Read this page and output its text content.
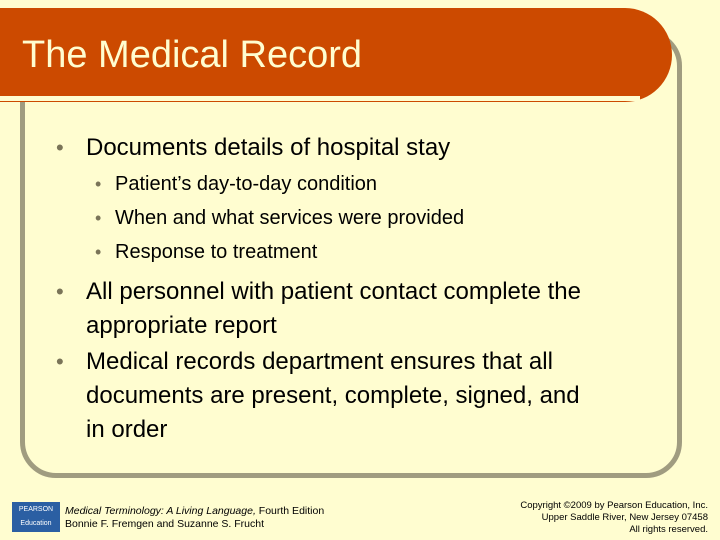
The Medical Record
• Documents details of hospital stay
• Patient’s day-to-day condition
• When and what services were provided
• Response to treatment
• All personnel with patient contact complete the
appropriate report
• Medical records department ensures that all
documents are present, complete, signed, and
in order
PEARSON
Education
Medical Terminology: A Living Language, Fourth Edition
Bonnie F. Fremgen and Suzanne S. Frucht
Copyright ©2009 by Pearson Education, Inc.
Upper Saddle River, New Jersey 07458
All rights reserved.
